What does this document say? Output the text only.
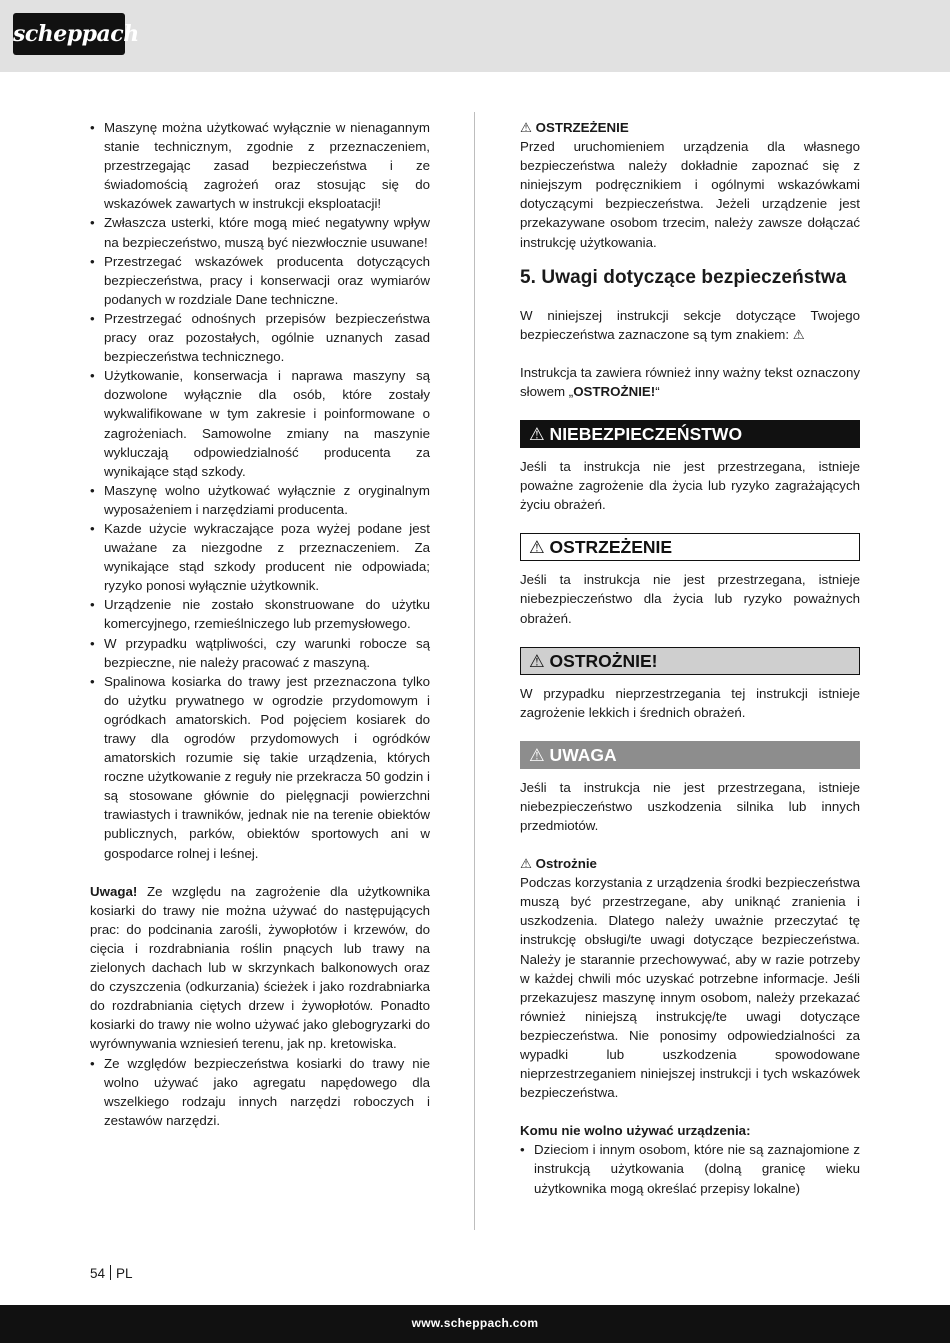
scheppach
• Maszynę można użytkować wyłącznie w nienagannym stanie technicznym, zgodnie z przeznaczeniem, przestrzegając zasad bezpieczeństwa i ze świadomością zagrożeń oraz stosując się do wskazówek zawartych w instrukcji eksploatacji!
• Zwłaszcza usterki, które mogą mieć negatywny wpływ na bezpieczeństwo, muszą być niezwłocznie usuwane!
• Przestrzegać wskazówek producenta dotyczących bezpieczeństwa, pracy i konserwacji oraz wymiarów podanych w rozdziale Dane techniczne.
• Przestrzegać odnośnych przepisów bezpieczeństwa pracy oraz pozostałych, ogólnie uznanych zasad bezpieczeństwa technicznego.
• Użytkowanie, konserwacja i naprawa maszyny są dozwolone wyłącznie dla osób, które zostały wykwalifikowane w tym zakresie i poinformowane o zagrożeniach. Samowolne zmiany na maszynie wykluczają odpowiedzialność producenta za wynikające stąd szkody.
• Maszynę wolno użytkować wyłącznie z oryginalnym wyposażeniem i narzędziami producenta.
• Kazde użycie wykraczające poza wyżej podane jest uważane za niezgodne z przeznaczeniem. Za wynikające stąd szkody producent nie odpowiada; ryzyko ponosi wyłącznie użytkownik.
• Urządzenie nie zostało skonstruowane do użytku komercyjnego, rzemieślniczego lub przemysłowego.
• W przypadku wątpliwości, czy warunki robocze są bezpieczne, nie należy pracować z maszyną.
• Spalinowa kosiarka do trawy jest przeznaczona tylko do użytku prywatnego w ogrodzie przydomowym i ogródkach amatorskich. Pod pojęciem kosiarek do trawy dla ogrodów przydomowych i ogródków amatorskich rozumie się takie urządzenia, których roczne użytkowanie z reguły nie przekracza 50 godzin i są stosowane głównie do pielęgnacji powierzchni trawiastych i trawników, jednak nie na terenie obiektów publicznych, parków, obiektów sportowych ani w gospodarce rolnej i leśnej.

Uwaga! Ze względu na zagrożenie dla użytkownika kosiarki do trawy nie można używać do następujących prac: do podcinania zarośli, żywopłotów i krzewów, do cięcia i rozdrabniania roślin pnących lub trawy na zielonych dachach lub w skrzynkach balkonowych oraz do czyszczenia (odkurzania) ścieżek i jako rozdrabniarka do rozdrabniania ciętych drzew i żywopłotów. Ponadto kosiarki do trawy nie wolno używać jako glebogryzarki do wyrównywania wzniesień terenu, jak np. kretowiska.

• Ze względów bezpieczeństwa kosiarki do trawy nie wolno używać jako agregatu napędowego dla wszelkiego rodzaju innych narzędzi roboczych i zestawów narzędzi.

⚠ OSTRZEŻENIE

Przed uruchomieniem urządzenia dla własnego bezpieczeństwa należy dokładnie zapoznać się z niniejszym podręcznikiem i ogólnymi wskazówkami dotyczącymi bezpieczeństwa. Jeżeli urządzenie jest przekazywane osobom trzecim, należy zawsze dołączać instrukcję użytkowania.

5. Uwagi dotyczące bezpieczeństwa

W niniejszej instrukcji sekcje dotyczące Twojego bezpieczeństwa zaznaczone są tym znakiem: ⚠

Instrukcja ta zawiera również inny ważny tekst oznaczony słowem „OSTROŻNIE!“

⚠ NIEBEZPIECZEŃSTWO

Jeśli ta instrukcja nie jest przestrzegana, istnieje poważne zagrożenie dla życia lub ryzyko zagrażających życiu obrażeń.

⚠ OSTRZEŻENIE

Jeśli ta instrukcja nie jest przestrzegana, istnieje niebezpieczeństwo dla życia lub ryzyko poważnych obrażeń.

⚠ OSTROŻNIE!

W przypadku nieprzestrzegania tej instrukcji istnieje zagrożenie lekkich i średnich obrażeń.

⚠ UWAGA

Jeśli ta instrukcja nie jest przestrzegana, istnieje niebezpieczeństwo uszkodzenia silnika lub innych przedmiotów.

⚠ Ostrożnie

Podczas korzystania z urządzenia środki bezpieczeństwa muszą być przestrzegane, aby uniknąć zranienia i uszkodzenia. Dlatego należy uważnie przeczytać tę instrukcję obsługi/te uwagi dotyczące bezpieczeństwa. Należy je starannie przechowywać, aby w razie potrzeby w każdej chwili móc uzyskać potrzebne informacje. Jeśli przekazujesz maszynę innym osobom, należy przekazać również niniejszą instrukcję/te uwagi dotyczące bezpieczeństwa. Nie ponosimy odpowiedzialności za wypadki lub uszkodzenia spowodowane nieprzestrzeganiem niniejszej instrukcji i tych wskazówek bezpieczeństwa.

Komu nie wolno używać urządzenia:

• Dzieciom i innym osobom, które nie są zaznajomione z instrukcją użytkowania (dolną granicę wieku użytkownika mogą określać przepisy lokalne)
54 PL
www.scheppach.com
